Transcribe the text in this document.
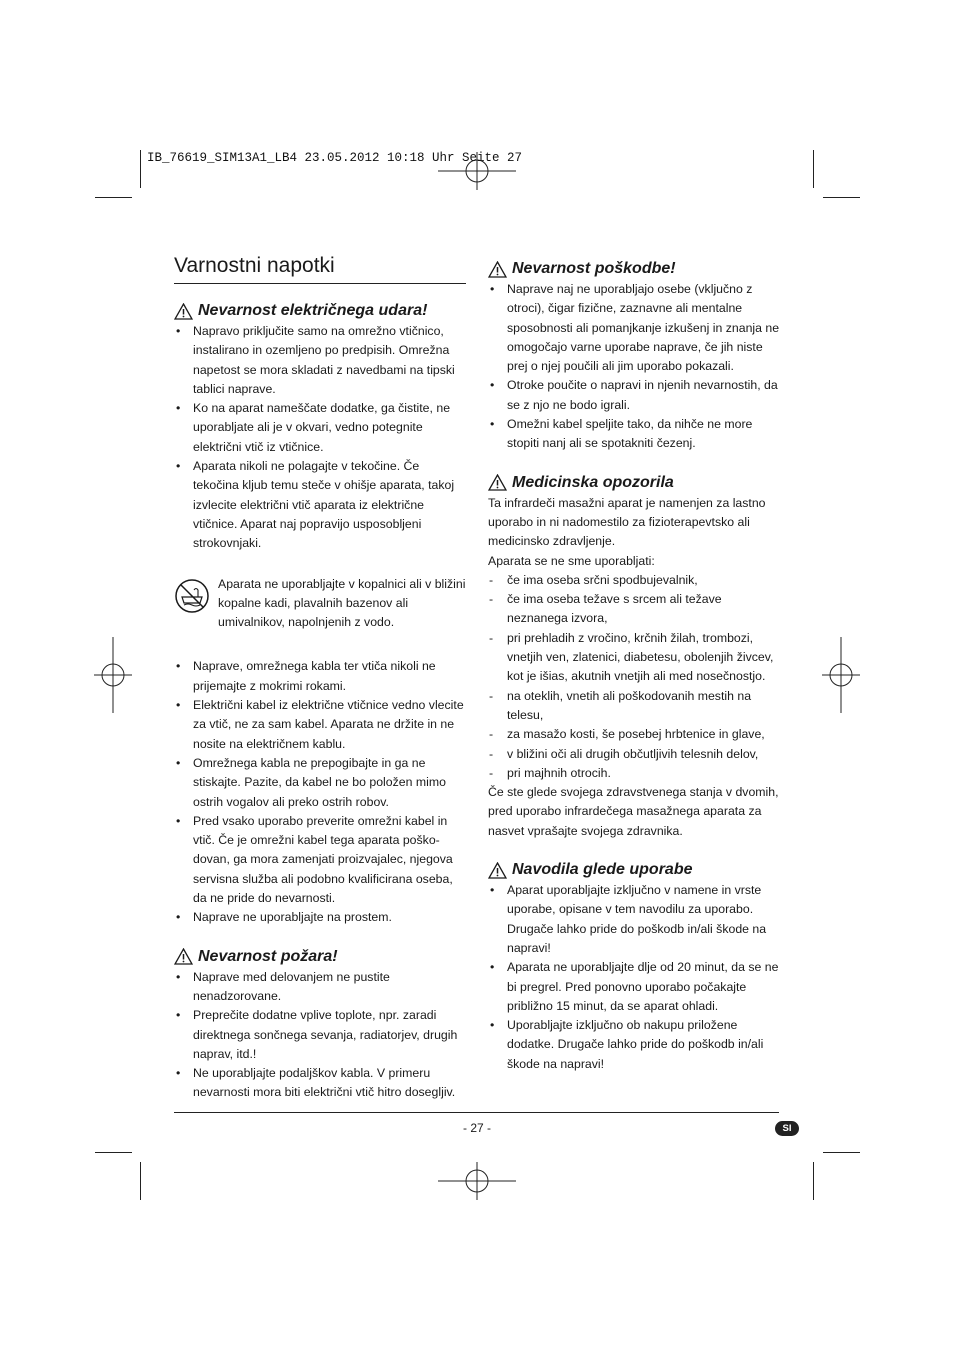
IB_76619_SIM13A1_LB4 23.05.2012 10:18 Uhr Seite 27
Varnostni napotki
Nevarnost električnega udara!
• Napravo priključite samo na omrežno vtičnico, instalirano in ozemljeno po predpisih. Omrežna napetost se mora skladati z navedbami na tipski tablici naprave.
• Ko na aparat nameščate dodatke, ga čistite, ne uporabljate ali je v okvari, vedno potegnite električni vtič iz vtičnice.
• Aparata nikoli ne polagajte v tekočine. Če tekočina kljub temu steče v ohišje aparata, takoj izvlecite električni vtič aparata iz električne vtičnice. Aparat naj popravijo usposobljeni strokovnjaki.

Aparata ne uporabljajte v kopalnici ali v bližini kopalne kadi, plavalnih bazenov ali umivalnikov, napolnjenih z vodo.

• Naprave, omrežnega kabla ter vtiča nikoli ne prijemajte z mokrimi rokami.
• Električni kabel iz električne vtičnice vedno vlecite za vtič, ne za sam kabel. Aparata ne držite in ne nosite na električnem kablu.
• Omrežnega kabla ne prepogibajte in ga ne stiskajte. Pazite, da kabel ne bo položen mimo ostrih vogalov ali preko ostrih robov.
• Pred vsako uporabo preverite omrežni kabel in vtič. Če je omrežni kabel tega aparata poško-dovan, ga mora zamenjati proizvajalec, njegova servisna služba ali podobno kvalificirana oseba, da ne pride do nevarnosti.
• Naprave ne uporabljajte na prostem.
Nevarnost požara!
• Naprave med delovanjem ne pustite nenadzorovane.
• Preprečite dodatne vplive toplote, npr. zaradi direktnega sončnega sevanja, radiatorjev, drugih naprav, itd.!
• Ne uporabljajte podaljškov kabla. V primeru nevarnosti mora biti električni vtič hitro dosegljiv.
Nevarnost poškodbe!
• Naprave naj ne uporabljajo osebe (vključno z otroci), čigar fizične, zaznavne ali mentalne sposobnosti ali pomanjkanje izkušenj in znanja ne omogočajo varne uporabe naprave, če jih niste prej o njej poučili ali jim uporabo pokazali.
• Otroke poučite o napravi in njenih nevarnostih, da se z njo ne bodo igrali.
• Omežni kabel speljite tako, da nihče ne more stopiti nanj ali se spotakniti čezenj.
Medicinska opozorila

Ta infrardeči masažni aparat je namenjen za lastno uporabo in ni nadomestilo za fizioterapevtsko ali medicinsko zdravljenje.

Aparata se ne sme uporabljati:

- če ima oseba srčni spodbujevalnik,
- če ima oseba težave s srcem ali težave neznanega izvora,
- pri prehladih z vročino, krčnih žilah, trombozi, vnetjih ven, zlatenici, diabetesu, obolenjih živcev, kot je išias, akutnih vnetjih ali med nosečnostjo.
- na oteklih, vnetih ali poškodovanih mestih na telesu,
- za masažo kosti, še posebej hrbtenice in glave,
- v bližini oči ali drugih občutljivih telesnih delov,
- pri majhnih otrocih.

Če ste glede svojega zdravstvenega stanja v dvomih, pred uporabo infrardečega masažnega aparata za nasvet vprašajte svojega zdravnika.

Navodila glede uporabe
• Aparat uporabljajte izključno v namene in vrste uporabe, opisane v tem navodilu za uporabo. Drugače lahko pride do poškodb in/ali škode na napravi!
• Aparata ne uporabljajte dlje od 20 minut, da se ne bi pregrel. Pred ponovno uporabo počakajte približno 15 minut, da se aparat ohladi.
• Uporabljajte izključno ob nakupu priložene dodatke. Drugače lahko pride do poškodb in/ali škode na napravi!
- 27 -	SI
